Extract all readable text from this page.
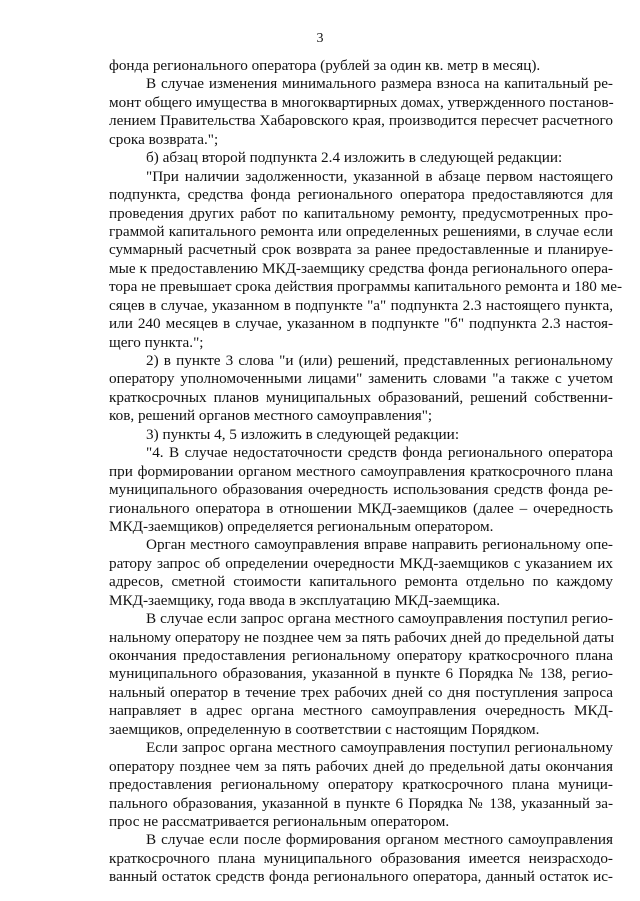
3
фонда регионального оператора (рублей за один кв. метр в месяц).
В случае изменения минимального размера взноса на капитальный ре-
монт общего имущества в многоквартирных домах, утвержденного постанов-
лением Правительства Хабаровского края, производится пересчет расчетного
срока возврата.";
б) абзац второй подпункта 2.4 изложить в следующей редакции:
"При наличии задолженности, указанной в абзаце первом настоящего
подпункта, средства фонда регионального оператора предоставляются для
проведения других работ по капитальному ремонту, предусмотренных про-
граммой капитального ремонта или определенных решениями, в случае если
суммарный расчетный срок возврата за ранее предоставленные и планируе-
мые к предоставлению МКД-заемщику средства фонда регионального опера-
тора не превышает срока действия программы капитального ремонта и 180 ме-
сяцев в случае, указанном в подпункте "а" подпункта 2.3 настоящего пункта,
или 240 месяцев в случае, указанном в подпункте "б" подпункта 2.3 настоя-
щего пункта.";
2) в пункте 3 слова "и (или) решений, представленных региональному
оператору уполномоченными лицами" заменить словами "а также с учетом
краткосрочных планов муниципальных образований, решений собственни-
ков, решений органов местного самоуправления";
3) пункты 4, 5 изложить в следующей редакции:
"4. В случае недостаточности средств фонда регионального оператора
при формировании органом местного самоуправления краткосрочного плана
муниципального образования очередность использования средств фонда ре-
гионального оператора в отношении МКД-заемщиков (далее – очередность
МКД-заемщиков) определяется региональным оператором.
Орган местного самоуправления вправе направить региональному опе-
ратору запрос об определении очередности МКД-заемщиков с указанием их
адресов, сметной стоимости капитального ремонта отдельно по каждому
МКД-заемщику, года ввода в эксплуатацию МКД-заемщика.
В случае если запрос органа местного самоуправления поступил регио-
нальному оператору не позднее чем за пять рабочих дней до предельной даты
окончания предоставления региональному оператору краткосрочного плана
муниципального образования, указанной в пункте 6 Порядка № 138, регио-
нальный оператор в течение трех рабочих дней со дня поступления запроса
направляет в адрес органа местного самоуправления очередность МКД-
заемщиков, определенную в соответствии с настоящим Порядком.
Если запрос органа местного самоуправления поступил региональному
оператору позднее чем за пять рабочих дней до предельной даты окончания
предоставления региональному оператору краткосрочного плана муници-
пального образования, указанной в пункте 6 Порядка № 138, указанный за-
прос не рассматривается региональным оператором.
В случае если после формирования органом местного самоуправления
краткосрочного плана муниципального образования имеется неизрасходо-
ванный остаток средств фонда регионального оператора, данный остаток ис-
